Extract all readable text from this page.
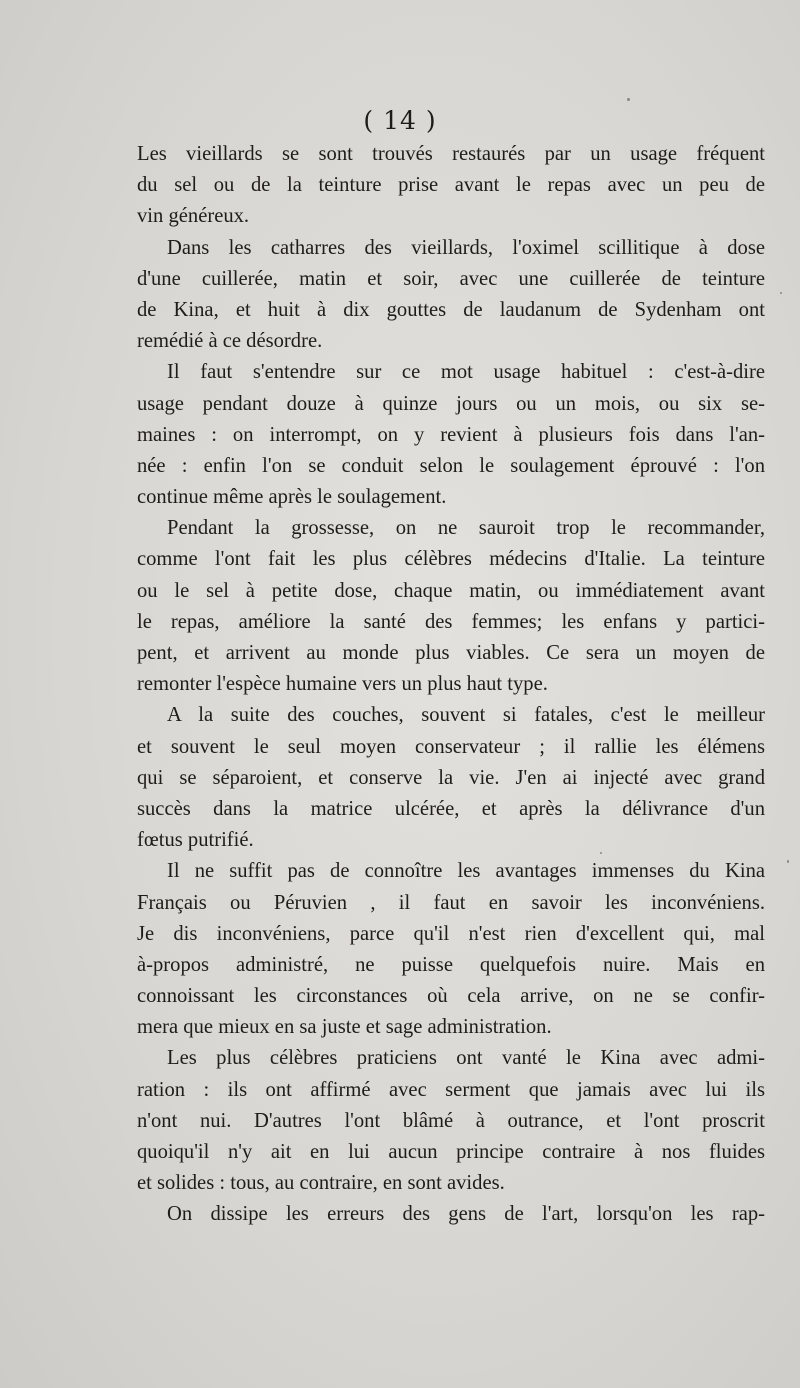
( 14 )
Les vieillards se sont trouvés restaurés par un usage fréquent
du sel ou de la teinture prise avant le repas avec un peu de
vin généreux.
Dans les catharres des vieillards, l'oximel scillitique à dose
d'une cuillerée, matin et soir, avec une cuillerée de teinture
de Kina, et huit à dix gouttes de laudanum de Sydenham ont
remédié à ce désordre.
Il faut s'entendre sur ce mot usage habituel : c'est-à-dire
usage pendant douze à quinze jours ou un mois, ou six se-
maines : on interrompt, on y revient à plusieurs fois dans l'an-
née : enfin l'on se conduit selon le soulagement éprouvé : l'on
continue même après le soulagement.
Pendant la grossesse, on ne sauroit trop le recommander,
comme l'ont fait les plus célèbres médecins d'Italie. La teinture
ou le sel à petite dose, chaque matin, ou immédiatement avant
le repas, améliore la santé des femmes; les enfans y partici-
pent, et arrivent au monde plus viables. Ce sera un moyen de
remonter l'espèce humaine vers un plus haut type.
A la suite des couches, souvent si fatales, c'est le meilleur
et souvent le seul moyen conservateur ; il rallie les élémens
qui se séparoient, et conserve la vie. J'en ai injecté avec grand
succès dans la matrice ulcérée, et après la délivrance d'un
fœtus putrifié.
Il ne suffit pas de connoître les avantages immenses du Kina
Français ou Péruvien , il faut en savoir les inconvéniens.
Je dis inconvéniens, parce qu'il n'est rien d'excellent qui, mal
à-propos administré, ne puisse quelquefois nuire. Mais en
connoissant les circonstances où cela arrive, on ne se confir-
mera que mieux en sa juste et sage administration.
Les plus célèbres praticiens ont vanté le Kina avec admi-
ration : ils ont affirmé avec serment que jamais avec lui ils
n'ont nui. D'autres l'ont blâmé à outrance, et l'ont proscrit
quoiqu'il n'y ait en lui aucun principe contraire à nos fluides
et solides : tous, au contraire, en sont avides.
On dissipe les erreurs des gens de l'art, lorsqu'on les rap-
